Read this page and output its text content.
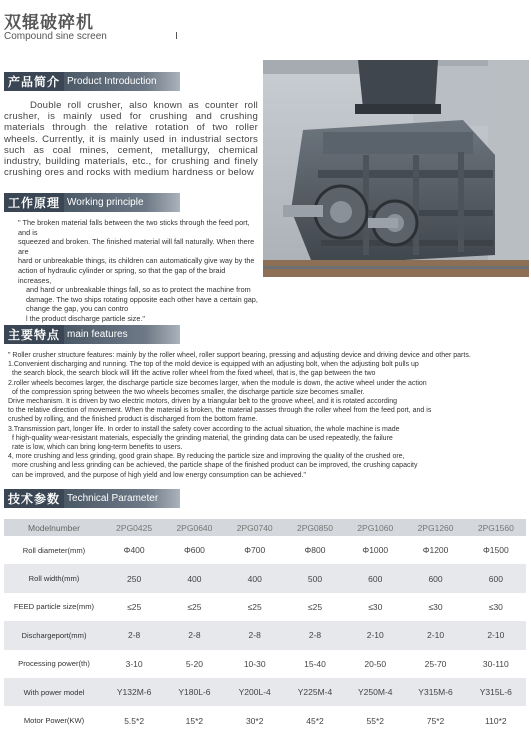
双辊破碎机
Compound sine screen
产品简介 Product Introduction
Double roll crusher, also known as counter roll crusher, is mainly used for crushing and crushing materials through the relative rotation of two roller wheels. Currently, it is mainly used in industrial sectors such as coal mines, cement, metallurgy, chemical industry, building materials, etc., for crushing and finely crushing ores and rocks with medium hardness or below
工作原理 Working principle
" The broken material falls between the two sticks through the feed port, and is
squeezed and broken. The finished material will fall naturally. When there are
hard or unbreakable things, its children can automatically give way by the
action of hydraulic cylinder or spring, so that the gap of the braid increases,
and hard or unbreakable things fall, so as to protect the machine from damage. The two ships rotating opposite each other have a certain gap, change the gap, you can contro
l the product discharge particle size."
主要特点 main features
" Roller crusher structure features: mainly by the roller wheel, roller support bearing, pressing and adjusting device and driving device and other parts.
1.Convenient discharging and running. The top of the mold device is equipped with an adjusting bolt, when the adjusting bolt pulls up
the search block, the search block will lift the active roller wheel from the fixed wheel, that is, the gap between the two
2.roller wheels becomes larger, the discharge particle size becomes larger, when the module is down, the active wheel under the action
of the compression spring between the two wheels becomes smaller, the discharge particle size becomes smaller.
Drive mechanism. It is driven by two electric motors, driven by a triangular belt to the groove wheel, and it is rotated according
to the relative direction of movement. When the material is broken, the material passes through the roller wheel from the feed port, and is
crushed by rolling, and the finished product is discharged from the bottom frame.
3.Transmission part, longer life. In order to install the safety cover according to the actual situation, the whole machine is made
f high-quality wear-resistant materials, especially the grinding material, the grinding data can be used repeatedly, the failure
rate is low, which can bring long-term benefits to users.
4, more crushing and less grinding, good grain shape. By reducing the particle size and improving the quality of the crushed ore,
more crushing and less grinding can be achieved, the particle shape of the finished product can be improved, the crushing capacity
can be improved, and the purpose of high yield and low energy consumption can be achieved."
技术参数 Technical Parameter
Modelnumber	2PG0425	2PG0640	2PG0740	2PG0850	2PG1060	2PG1260	2PG1560
Roll diameter(mm)	Φ400	Φ600	Φ700	Φ800	Φ1000	Φ1200	Φ1500
Roll width(mm)	250	400	400	500	600	600	600
FEED particle size(mm)	≤25	≤25	≤25	≤25	≤30	≤30	≤30
Dischargeport(mm)	2-8	2-8	2-8	2-8	2-10	2-10	2-10
Processing power(th)	3-10	5-20	10-30	15-40	20-50	25-70	30-110
With power model	Y132M-6	Y180L-6	Y200L-4	Y225M-4	Y250M-4	Y315M-6	Y315L-6
Motor Power(KW)	5.5*2	15*2	30*2	45*2	55*2	75*2	110*2
